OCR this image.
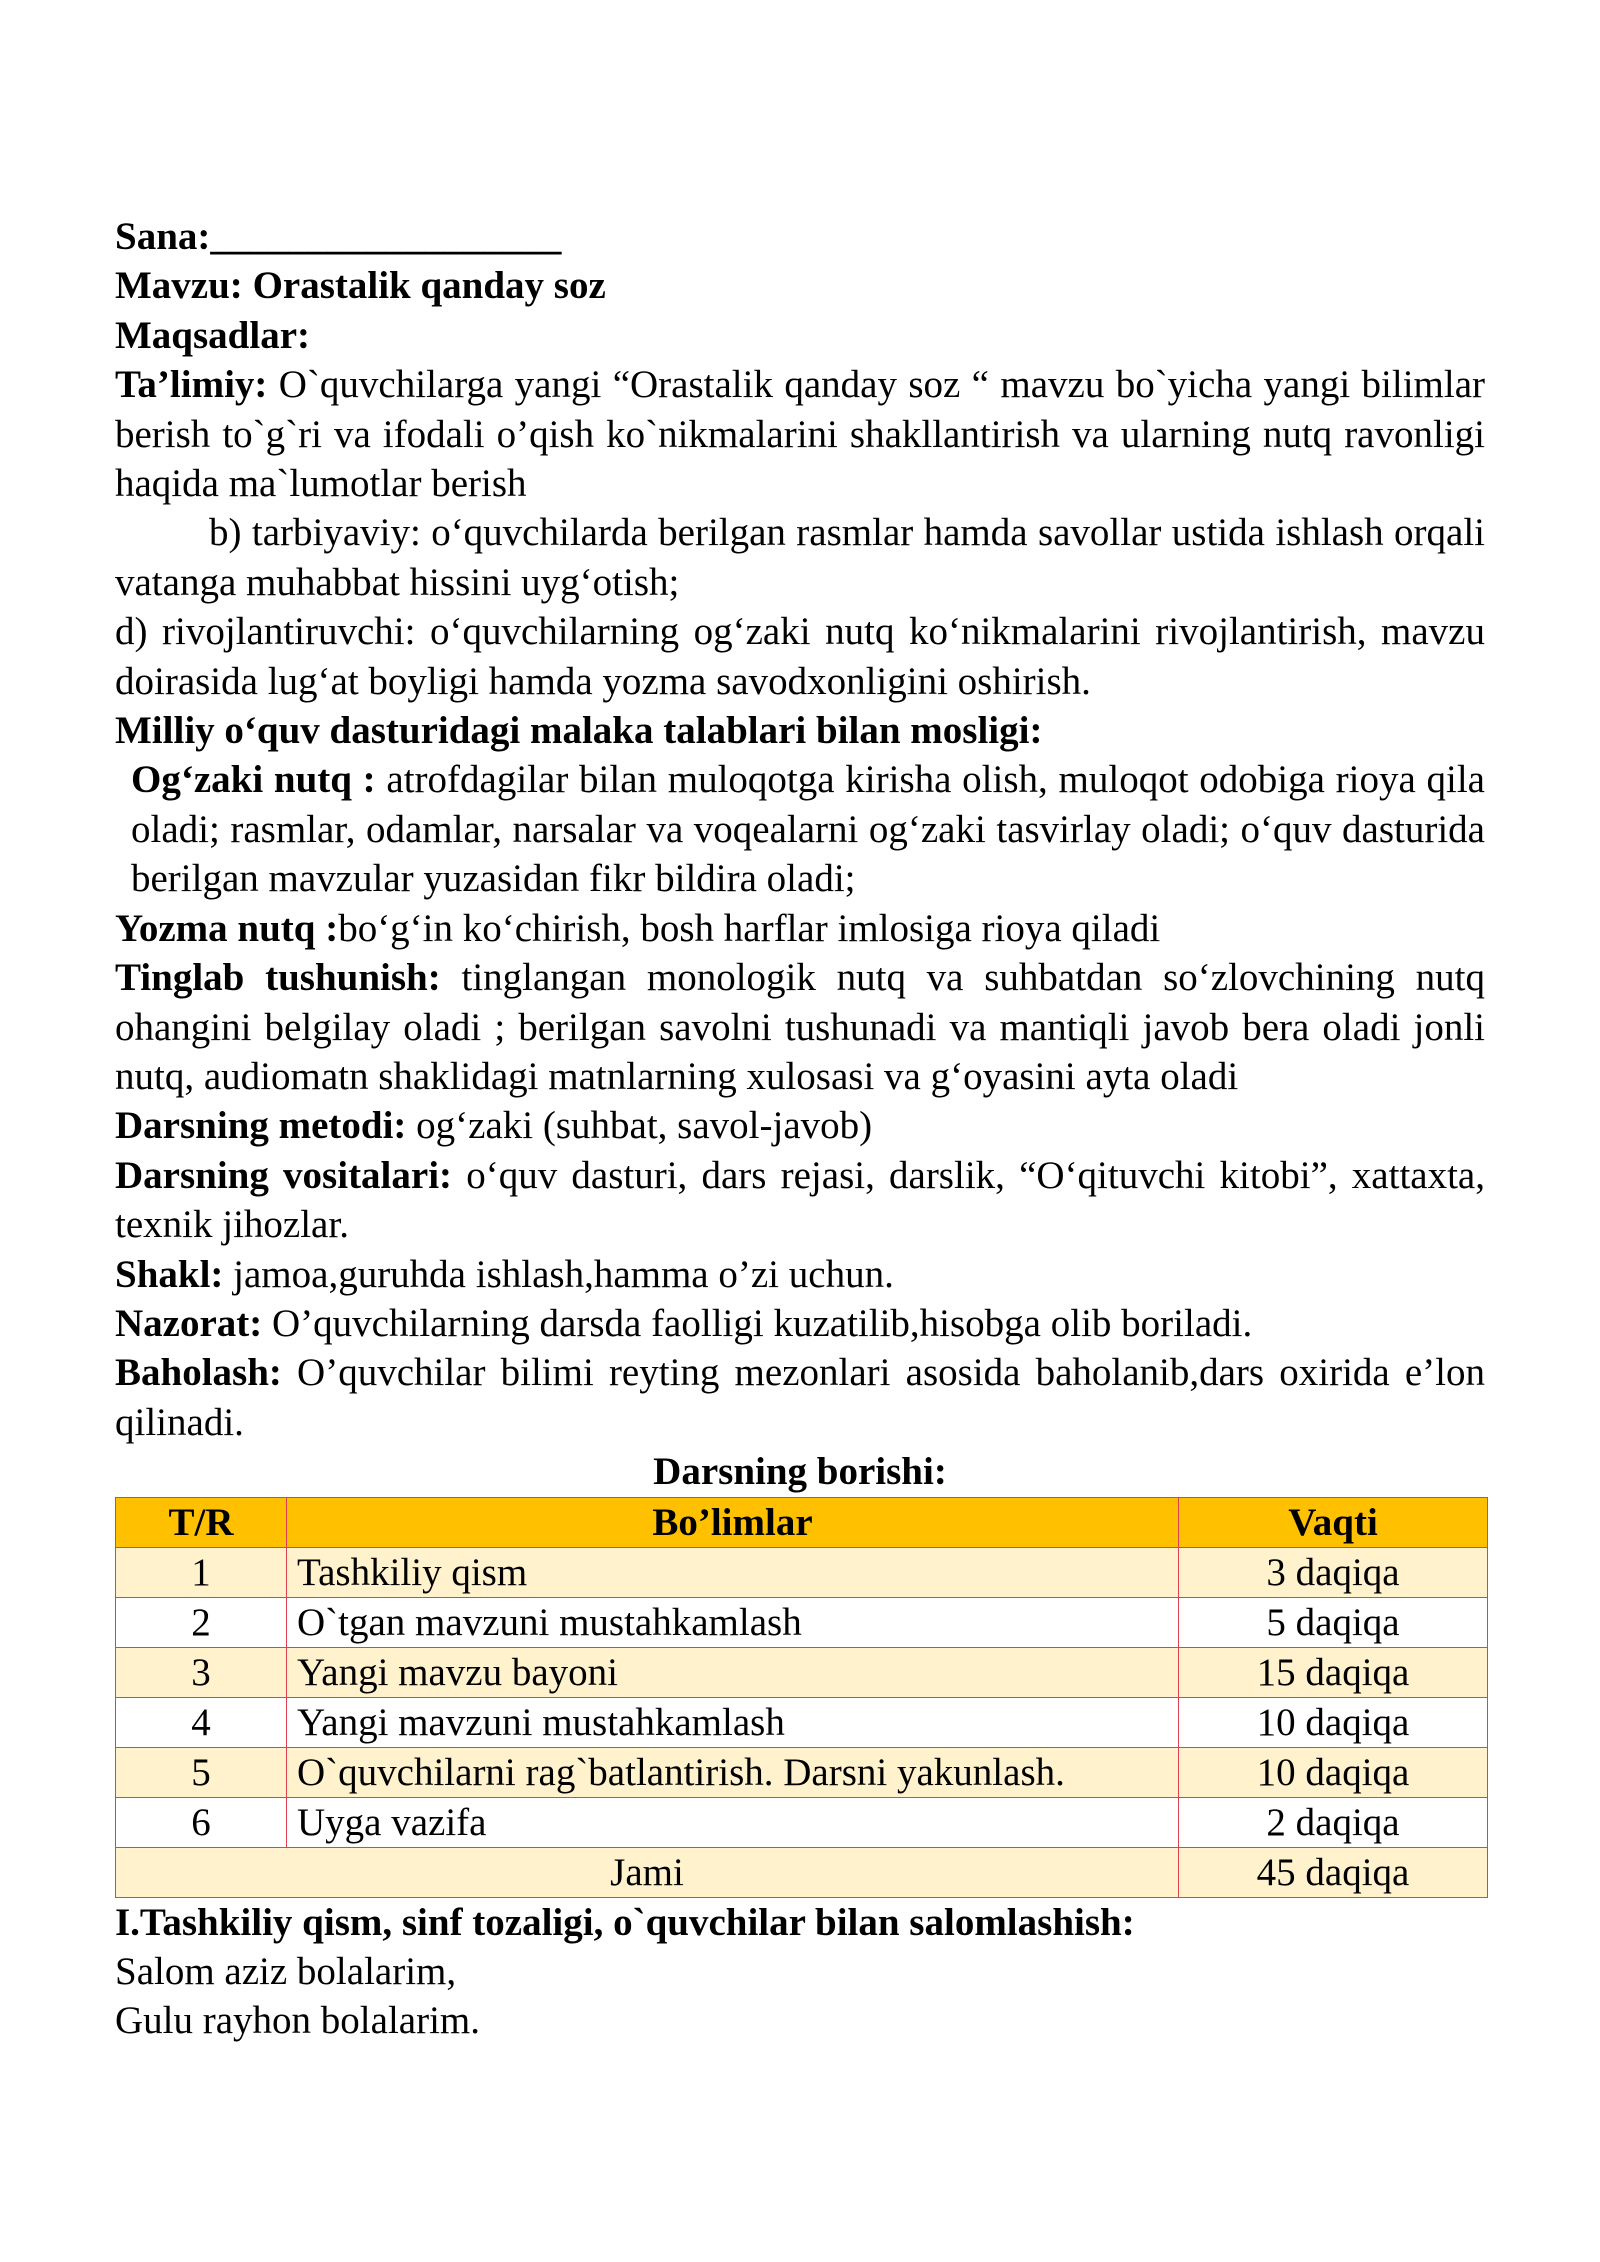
Sana:__________________

Mavzu: Orastalik qanday soz

Maqsadlar:

Ta’limiy: O`quvchilarga yangi “Orastalik qanday soz “ mavzu bo`yicha yangi bilimlar berish to`g`ri va ifodali o’qish ko`nikmalarini shakllantirish va ularning nutq ravonligi haqida ma`lumotlar berish

b) tarbiyaviy: o‘quvchilarda berilgan rasmlar hamda savollar ustida ishlash orqali vatanga muhabbat hissini uyg‘otish;

d) rivojlantiruvchi: o‘quvchilarning og‘zaki nutq ko‘nikmalarini rivojlantirish, mavzu doirasida lug‘at boyligi hamda yozma savodxonligini oshirish.

Milliy o‘quv dasturidagi malaka talablari bilan mosligi:

Og‘zaki nutq : atrofdagilar bilan muloqotga kirisha olish, muloqot odobiga rioya qila oladi; rasmlar, odamlar, narsalar va voqealarni og‘zaki tasvirlay oladi; o‘quv dasturida berilgan mavzular yuzasidan fikr bildira oladi;

Yozma nutq :bo‘g‘in ko‘chirish, bosh harflar imlosiga rioya qiladi

Tinglab tushunish: tinglangan monologik nutq va suhbatdan so‘zlovchining nutq ohangini belgilay oladi ; berilgan savolni tushunadi va mantiqli javob bera oladi jonli nutq, audiomatn shaklidagi matnlarning xulosasi va g‘oyasini ayta oladi

Darsning metodi: og‘zaki (suhbat, savol-javob)

Darsning vositalari: o‘quv dasturi, dars rejasi, darslik, “O‘qituvchi kitobi”, xattaxta, texnik jihozlar.

Shakl: jamoa,guruhda ishlash,hamma o’zi uchun.

Nazorat: O’quvchilarning darsda faolligi kuzatilib,hisobga olib boriladi.

Baholash: O’quvchilar bilimi reyting mezonlari asosida baholanib,dars oxirida e’lon qilinadi.

Darsning borishi:

T/R	Bo’limlar	Vaqti
1	Tashkiliy qism	3 daqiqa
2	O`tgan mavzuni mustahkamlash	5 daqiqa
3	Yangi mavzu bayoni	15 daqiqa
4	Yangi mavzuni mustahkamlash	10 daqiqa
5	O`quvchilarni rag`batlantirish. Darsni yakunlash.	10 daqiqa
6	Uyga vazifa	2 daqiqa
Jami		45 daqiqa

I.Tashkiliy qism, sinf tozaligi, o`quvchilar bilan salomlashish:

Salom aziz bolalarim,

Gulu rayhon bolalarim.
